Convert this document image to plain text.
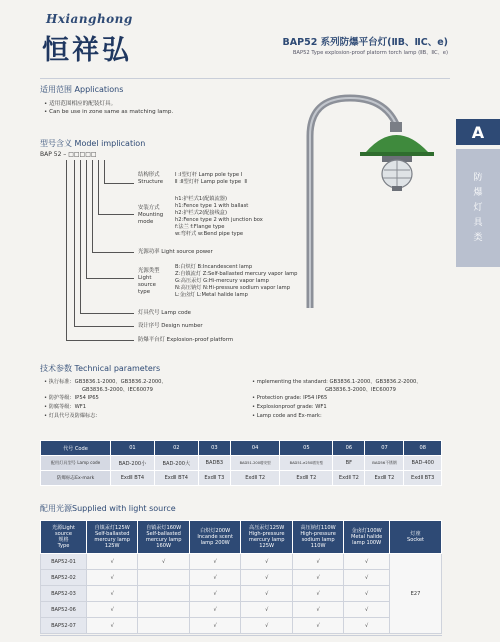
Hxianghong
恒祥弘	BAP52 系列防爆平台灯(ⅡB、ⅡC、e)
BAP52 Type explosion-proof platorm torch lamp (ⅡB、ⅡC、e)
A
防
爆
灯
具
类
适用范围 Applications
• 适用范围相应的配装灯具。
• Can be use in zone same as matching lamp.
型号含义 Model implication
BAP 52 – □□□□□
结构形式
Structure
Ⅰ :Ⅰ型灯杆 Lamp pole type Ⅰ
Ⅱ :Ⅱ型灯杆 Lamp pole type  Ⅱ
安装方式
Mounting
mode
h1:护栏式1(配镇流器)
h1:Fence type 1 with ballast
h2:护栏式2(配接线盒)
h2:Fence type 2 with junction box
f:法兰 f:Flange type
w:弯杆式 w:Bend pipe type
光源功率 Light source power
光源类型
Light
source
type
B:白炽灯 B:Incandescent lamp
Z:自镇流灯 Z:Self-ballasted mercury vapor lamp
G:高压汞灯 G:Hi-mercury vapor lamp
N:高压钠灯 N:Hi-pressure sodium vapor lamp
L:金卤灯 L:Metal halide lamp
灯具代号 Lamp code
设计序号 Design number
防爆平台灯 Explosion-proof platform
技术参数 Technical parameters
• 执行标准：GB3836.1-2000、GB3836.2-2000、
GB3836.3-2000、IEC60079
• 防护等级：IP54 IP65
• 防腐等级：WF1
• 灯具代号及防爆标志：
• mplementing the standard: GB3836.1-2000、GB3836.2-2000、
GB3836.3-2000、IEC60079
• Protection grade: IP54 IP65
• Explosionproof grade: WF1
• Lamp code and Ex-mark:
代号 Code	01	02	03	04	05	06	07	08
配用灯具型号 Lamp code	BAD-200小	BAD-200大	BADB3	BAD51-200增安型	BAD51-e250增安型	BF	BAD56不锈钢	BAD-400
防爆标志Ex-mark	ExdⅡ BT4	ExdⅡ BT4	ExdⅡ T3	ExdⅡ T2	ExdⅡ T2	ExdⅡ T2	ExdⅡ T2	ExdⅡ BT3
配用光源Supplied with light source
光源Light
source
规格
Type	自镇汞灯125W
Self-ballasted
mercury lamp
125W	自镇汞灯160W
Self-ballasted
mercury lamp
160W	白炽灯200W
Incande scent
lamp 200W	高压汞灯125W
High-pressure
mercury lamp
125W	高压钠灯110W
High-pressure
sodium lamp
110W	金卤灯100W
Metal halide
lamp 100W	灯座
Socket
BAP52-01	√	√	√	√	√	√	E27
BAP52-02	√		√	√	√	√	
BAP52-03	√		√	√	√	√	
BAP52-06	√		√	√	√	√	
BAP52-07	√		√	√	√	√	
